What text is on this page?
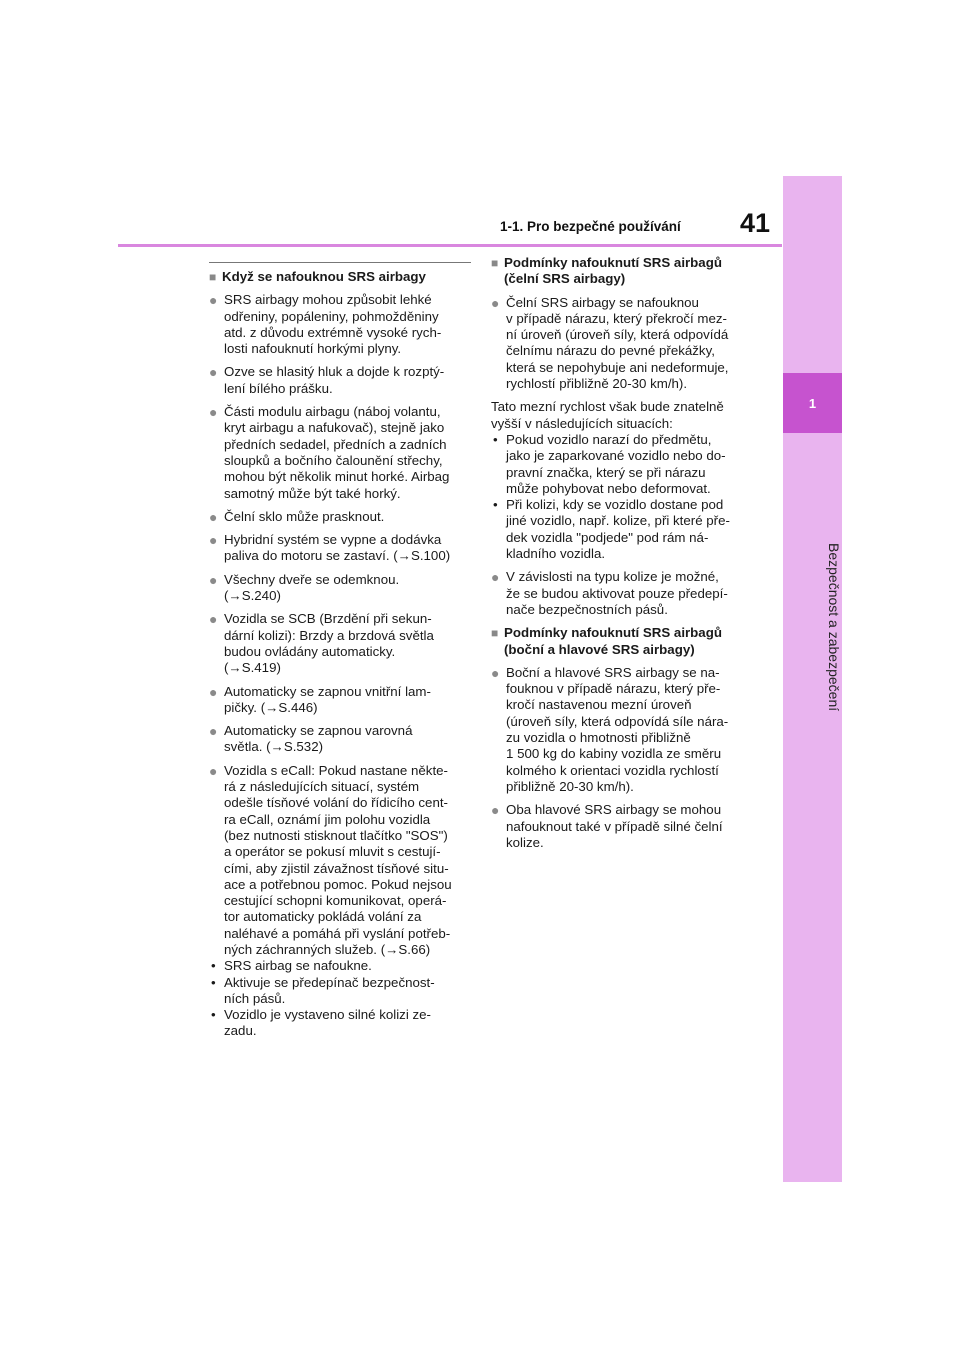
1
Bezpečnost a zabezpečení
1-1. Pro bezpečné používání	41
■ Když se nafouknou SRS airbagy
● SRS airbagy mohou způsobit lehké
odřeniny, popáleniny, pohmožděniny
atd. z důvodu extrémně vysoké rych-
losti nafouknutí horkými plyny.
● Ozve se hlasitý hluk a dojde k rozptý-
lení bílého prášku.
● Části modulu airbagu (náboj volantu,
kryt airbagu a nafukovač), stejně jako
předních sedadel, předních a zadních
sloupků a bočního čalounění střechy,
mohou být několik minut horké. Airbag
samotný může být také horký.
● Čelní sklo může prasknout.
● Hybridní systém se vypne a dodávka
paliva do motoru se zastaví. (→S.100)
● Všechny dveře se odemknou.
(→S.240)
● Vozidla se SCB (Brzdění při sekun-
dární kolizi): Brzdy a brzdová světla
budou ovládány automaticky.
(→S.419)
● Automaticky se zapnou vnitřní lam-
pičky. (→S.446)
● Automaticky se zapnou varovná
světla. (→S.532)
● Vozidla s eCall: Pokud nastane někte-
rá z následujících situací, systém
odešle tísňové volání do řídicího cent-
ra eCall, oznámí jim polohu vozidla
(bez nutnosti stisknout tlačítko "SOS")
a operátor se pokusí mluvit s cestují-
cími, aby zjistil závažnost tísňové situ-
ace a potřebnou pomoc. Pokud nejsou
cestující schopni komunikovat, operá-
tor automaticky pokládá volání za
naléhavé a pomáhá při vyslání potřeb-
ných záchranných služeb. (→S.66)
• SRS airbag se nafoukne.
• Aktivuje se předepínač bezpečnost-
ních pásů.
• Vozidlo je vystaveno silné kolizi ze-
zadu.
■ Podmínky nafouknutí SRS airbagů
(čelní SRS airbagy)
● Čelní SRS airbagy se nafouknou
v případě nárazu, který překročí mez-
ní úroveň (úroveň síly, která odpovídá
čelnímu nárazu do pevné překážky,
která se nepohybuje ani nedeformuje,
rychlostí přibližně 20-30 km/h).
Tato mezní rychlost však bude znatelně
vyšší v následujících situacích:
• Pokud vozidlo narazí do předmětu,
jako je zaparkované vozidlo nebo do-
pravní značka, který se při nárazu
může pohybovat nebo deformovat.
• Při kolizi, kdy se vozidlo dostane pod
jiné vozidlo, např. kolize, při které pře-
dek vozidla "podjede" pod rám ná-
kladního vozidla.
● V závislosti na typu kolize je možné,
že se budou aktivovat pouze předepí-
nače bezpečnostních pásů.
■ Podmínky nafouknutí SRS airbagů
(boční a hlavové SRS airbagy)
● Boční a hlavové SRS airbagy se na-
fouknou v případě nárazu, který pře-
kročí nastavenou mezní úroveň
(úroveň síly, která odpovídá síle nára-
zu vozidla o hmotnosti přibližně
1 500 kg do kabiny vozidla ze směru
kolmého k orientaci vozidla rychlostí
přibližně 20-30 km/h).
● Oba hlavové SRS airbagy se mohou
nafouknout také v případě silné čelní
kolize.
